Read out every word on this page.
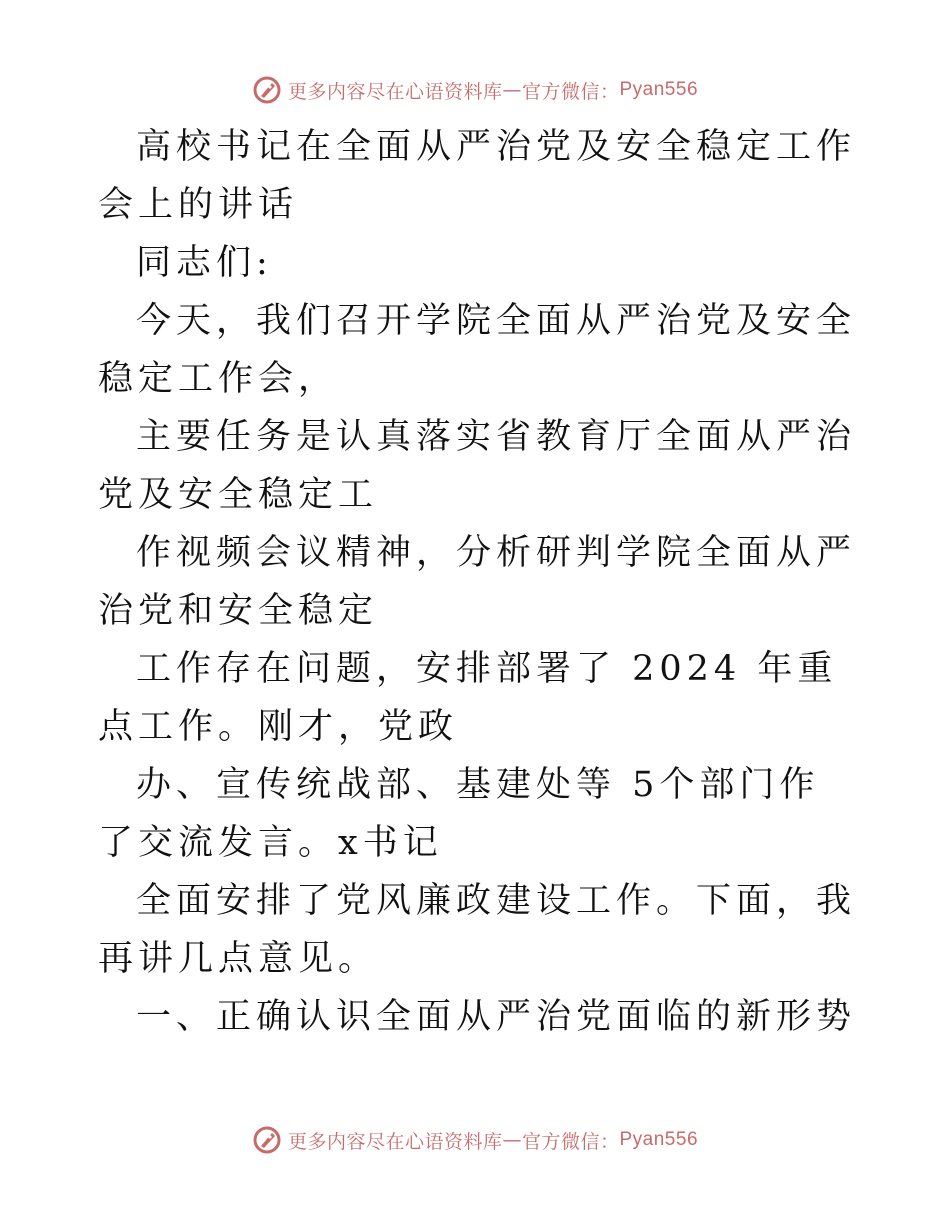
更多内容尽在心语资料库 — 官方微信： Pyan556

高校书记在全面从严治党及安全稳定工作会上的讲话

同志们:

今天，我们召开学院全面从严治党及安全稳定工作会，

主要任务是认真落实省教育厅全面从严治党及安全稳定工

作视频会议精神，分析研判学院全面从严治党和安全稳定

工作存在问题，安排部署了 2024 年重点工作。刚才，党政

办、宣传统战部、基建处等 5个部门作了交流发言。x书记

全面安排了党风廉政建设工作。下面，我再讲几点意见。

一、正确认识全面从严治党面临的新形势

更多内容尽在心语资料库 — 官方微信： Pyan556
